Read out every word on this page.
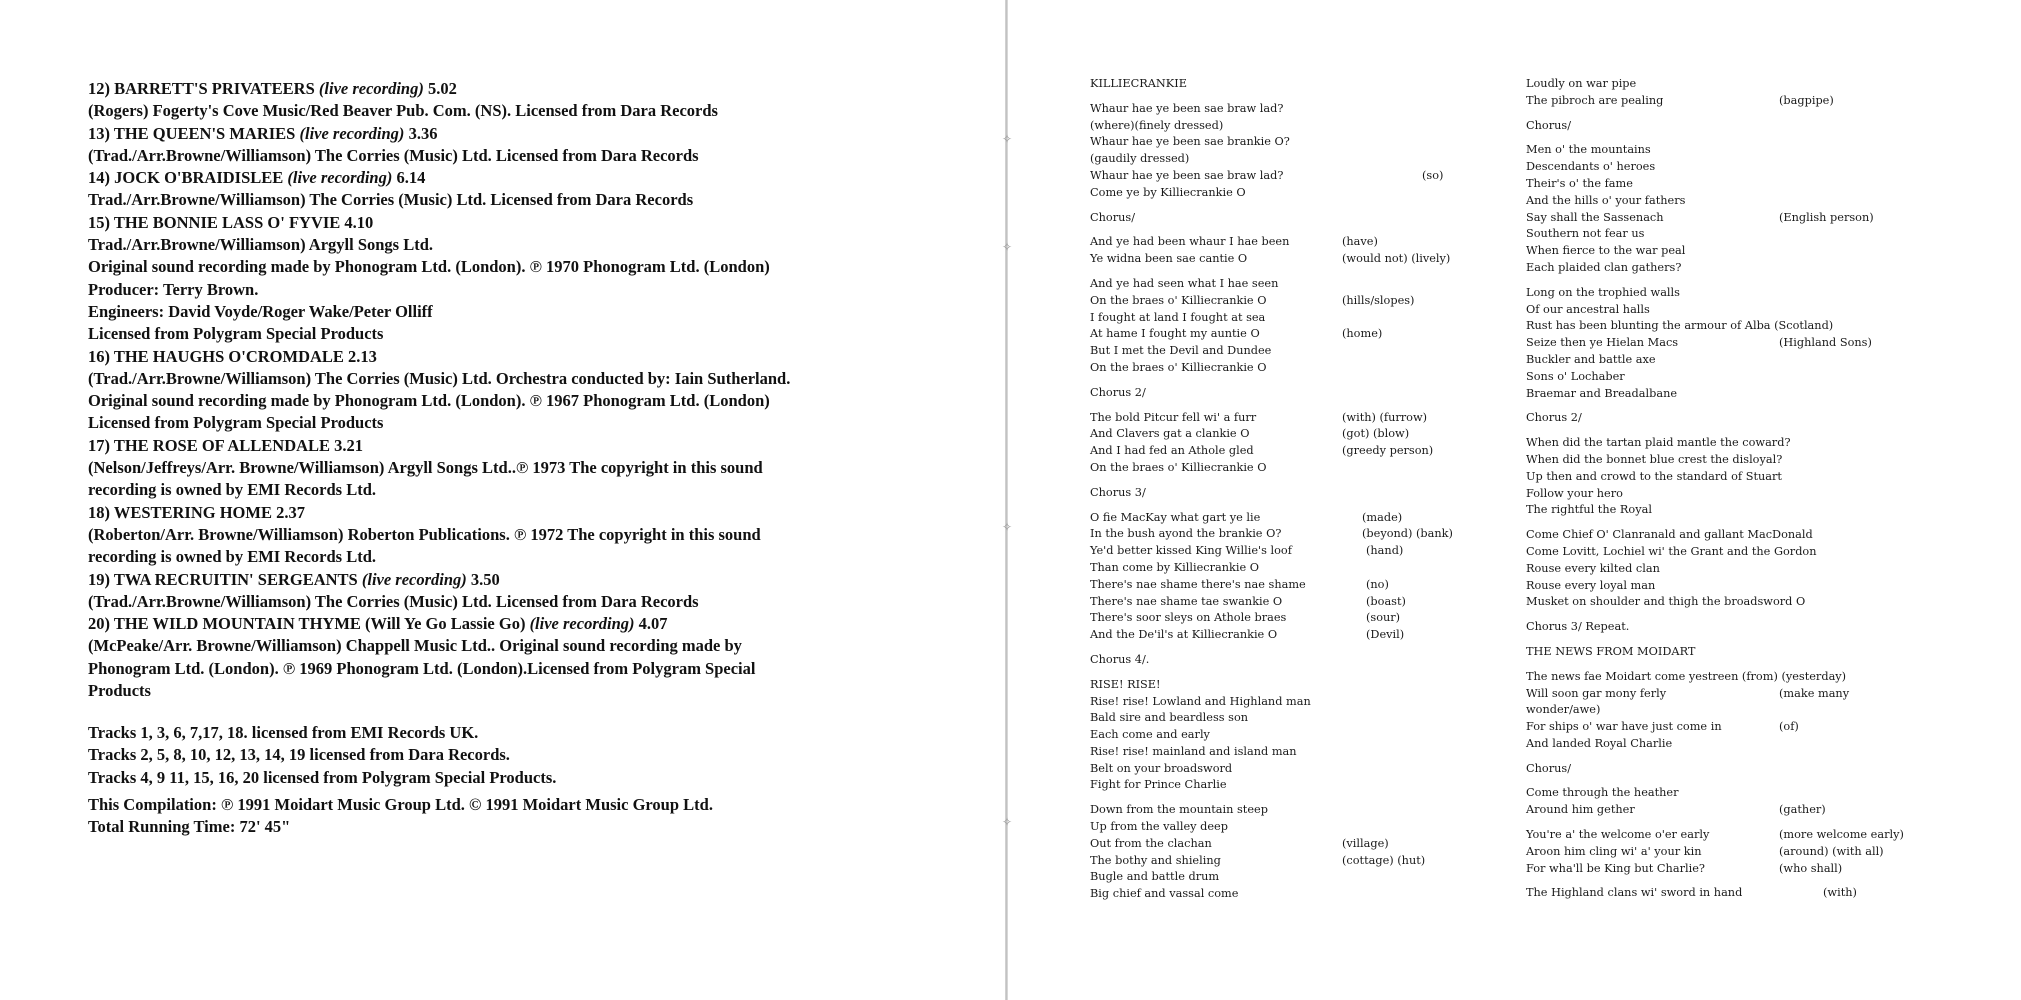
✧
✧
✧
✧
12) BARRETT'S PRIVATEERS (live recording) 5.02
(Rogers) Fogerty's Cove Music/Red Beaver Pub. Com. (NS). Licensed from Dara Records
13) THE QUEEN'S MARIES (live recording) 3.36
(Trad./Arr.Browne/Williamson) The Corries (Music) Ltd. Licensed from Dara Records
14) JOCK O'BRAIDISLEE (live recording) 6.14
Trad./Arr.Browne/Williamson) The Corries (Music) Ltd. Licensed from Dara Records
15) THE BONNIE LASS O' FYVIE 4.10
Trad./Arr.Browne/Williamson) Argyll Songs Ltd.
Original sound recording made by Phonogram Ltd. (London). ℗ 1970 Phonogram Ltd. (London)
Producer: Terry Brown.
Engineers: David Voyde/Roger Wake/Peter Olliff
Licensed from Polygram Special Products
16) THE HAUGHS O'CROMDALE 2.13
(Trad./Arr.Browne/Williamson) The Corries (Music) Ltd. Orchestra conducted by: Iain Sutherland.
Original sound recording made by Phonogram Ltd. (London). ℗ 1967 Phonogram Ltd. (London)
Licensed from Polygram Special Products
17) THE ROSE OF ALLENDALE 3.21
(Nelson/Jeffreys/Arr. Browne/Williamson) Argyll Songs Ltd..℗ 1973 The copyright in this sound
recording is owned by EMI Records Ltd.
18) WESTERING HOME 2.37
(Roberton/Arr. Browne/Williamson) Roberton Publications. ℗ 1972 The copyright in this sound
recording is owned by EMI Records Ltd.
19) TWA RECRUITIN' SERGEANTS (live recording) 3.50
(Trad./Arr.Browne/Williamson) The Corries (Music) Ltd. Licensed from Dara Records
20) THE WILD MOUNTAIN THYME (Will Ye Go Lassie Go) (live recording) 4.07
(McPeake/Arr. Browne/Williamson) Chappell Music Ltd.. Original sound recording made by
Phonogram Ltd. (London). ℗ 1969 Phonogram Ltd. (London).Licensed from Polygram Special
Products
Tracks 1, 3, 6, 7,17, 18. licensed from EMI Records UK.
Tracks 2, 5, 8, 10, 12, 13, 14, 19 licensed from Dara Records.
Tracks 4, 9 11, 15, 16, 20 licensed from Polygram Special Products.
This Compilation: ℗ 1991 Moidart Music Group Ltd. © 1991 Moidart Music Group Ltd.
Total Running Time: 72' 45"
KILLIECRANKIE
Whaur hae ye been sae braw lad?
(where)(finely dressed)
Whaur hae ye been sae brankie O?
(gaudily dressed)
Whaur hae ye been sae braw lad?	(so)
Come ye by Killiecrankie O
Chorus/
And ye had been whaur I hae been	(have)
Ye widna been sae cantie O	(would not) (lively)
And ye had seen what I hae seen
On the braes o' Killiecrankie O	(hills/slopes)
I fought at land I fought at sea
At hame I fought my auntie O	(home)
But I met the Devil and Dundee
On the braes o' Killiecrankie O
Chorus 2/
The bold Pitcur fell wi' a furr	(with) (furrow)
And Clavers gat a clankie O	(got) (blow)
And I had fed an Athole gled	(greedy person)
On the braes o' Killiecrankie O
Chorus 3/
O fie MacKay what gart ye lie	(made)
In the bush ayond the brankie O?	(beyond) (bank)
Ye'd better kissed King Willie's loof	(hand)
Than come by Killiecrankie O
There's nae shame there's nae shame	(no)
There's nae shame tae swankie O	(boast)
There's soor sleys on Athole braes	(sour)
And the De'il's at Killiecrankie O	(Devil)
Chorus 4/.
RISE! RISE!
Rise! rise! Lowland and Highland man
Bald sire and beardless son
Each come and early
Rise! rise! mainland and island man
Belt on your broadsword
Fight for Prince Charlie
Down from the mountain steep
Up from the valley deep
Out from the clachan	(village)
The bothy and shieling	(cottage) (hut)
Bugle and battle drum
Big chief and vassal come
Loudly on war pipe
The pibroch are pealing	(bagpipe)
Chorus/
Men o' the mountains
Descendants o' heroes
Their's o' the fame
And the hills o' your fathers
Say shall the Sassenach	(English person)
Southern not fear us
When fierce to the war peal
Each plaided clan gathers?
Long on the trophied walls
Of our ancestral halls
Rust has been blunting the armour of Alba (Scotland)
Seize then ye Hielan Macs	(Highland Sons)
Buckler and battle axe
Sons o' Lochaber
Braemar and Breadalbane
Chorus 2/
When did the tartan plaid mantle the coward?
When did the bonnet blue crest the disloyal?
Up then and crowd to the standard of Stuart
Follow your hero
The rightful the Royal
Come Chief O' Clanranald and gallant MacDonald
Come Lovitt, Lochiel wi' the Grant and the Gordon
Rouse every kilted clan
Rouse every loyal man
Musket on shoulder and thigh the broadsword O
Chorus 3/ Repeat.
THE NEWS FROM MOIDART
The news fae Moidart come yestreen (from) (yesterday)
Will soon gar mony ferly	(make many
wonder/awe)
For ships o' war have just come in	(of)
And landed Royal Charlie
Chorus/
Come through the heather
Around him gether	(gather)
You're a' the welcome o'er early	(more welcome early)
Aroon him cling wi' a' your kin	(around) (with all)
For wha'll be King but Charlie?	(who shall)
The Highland clans wi' sword in hand	(with)
